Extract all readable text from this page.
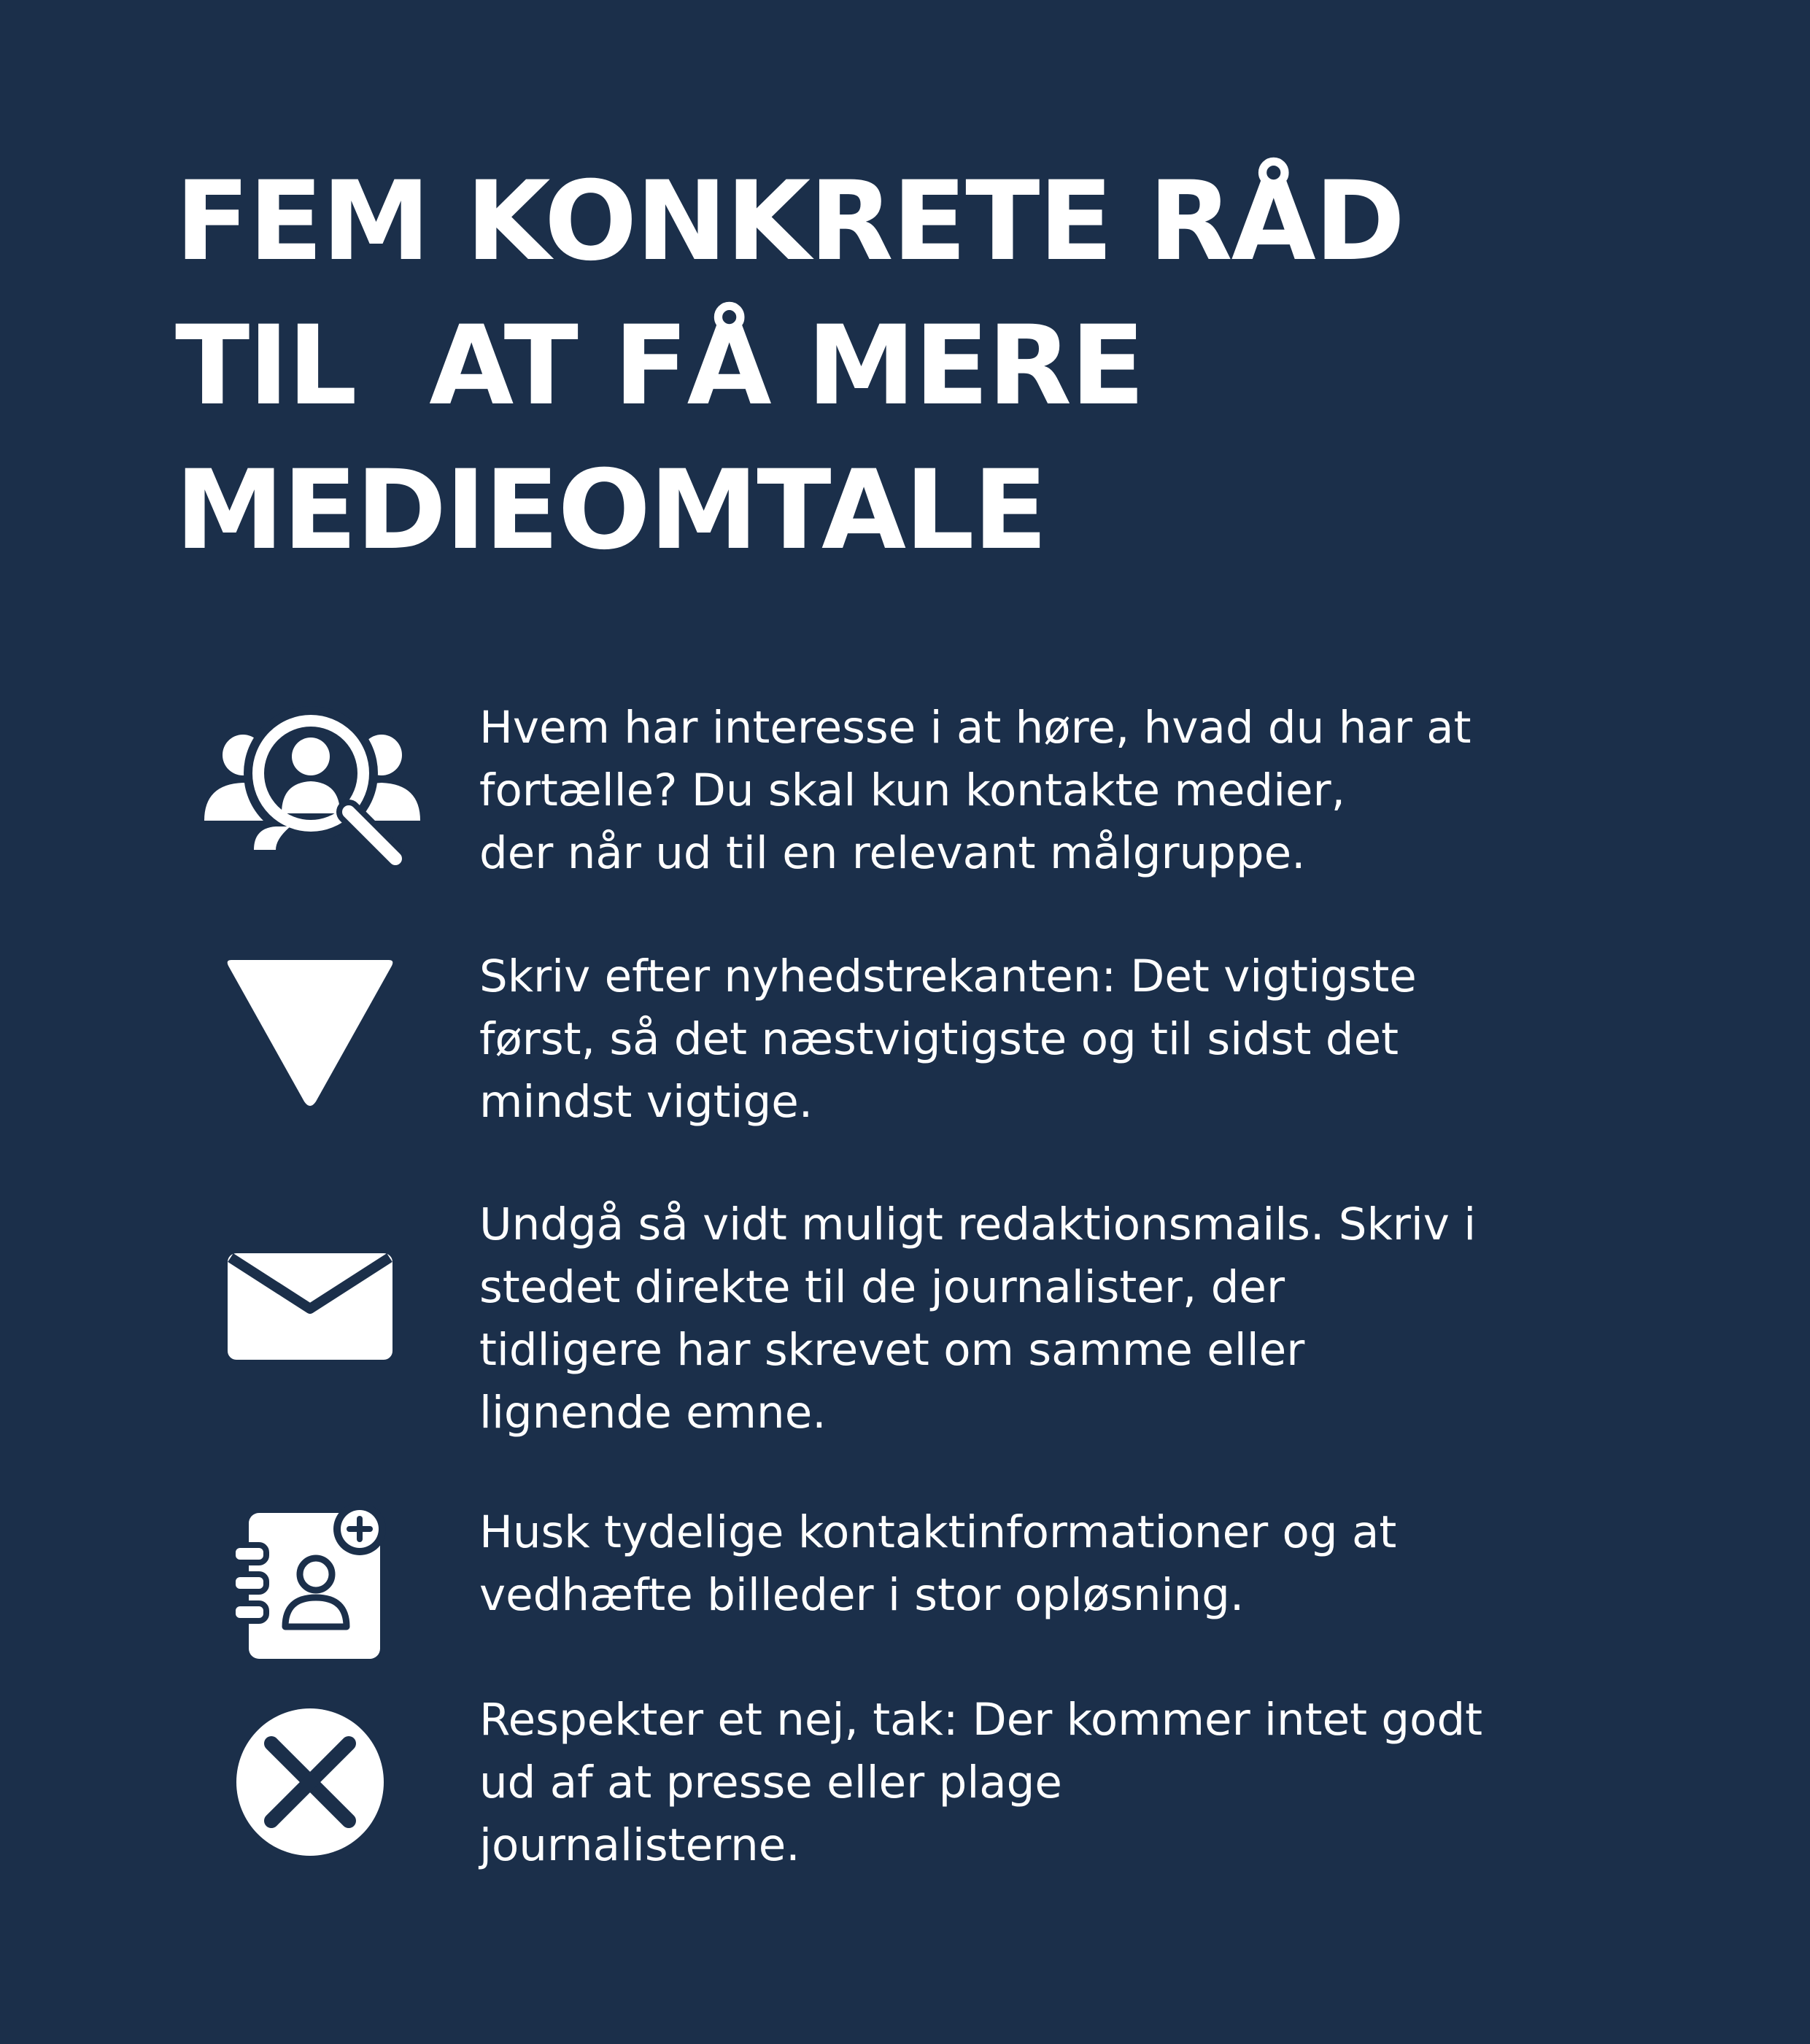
FEM KONKRETE RÅD
TIL  AT FÅ MERE
MEDIEOMTALE
Hvem har interesse i at høre, hvad du har at
fortælle? Du skal kun kontakte medier,
der når ud til en relevant målgruppe.
Skriv efter nyhedstrekanten: Det vigtigste
først, så det næstvigtigste og til sidst det
mindst vigtige.
Undgå så vidt muligt redaktionsmails. Skriv i
stedet direkte til de journalister, der
tidligere har skrevet om samme eller
lignende emne.
Husk tydelige kontaktinformationer og at
vedhæfte billeder i stor opløsning.
Respekter et nej, tak: Der kommer intet godt
ud af at presse eller plage
journalisterne.
